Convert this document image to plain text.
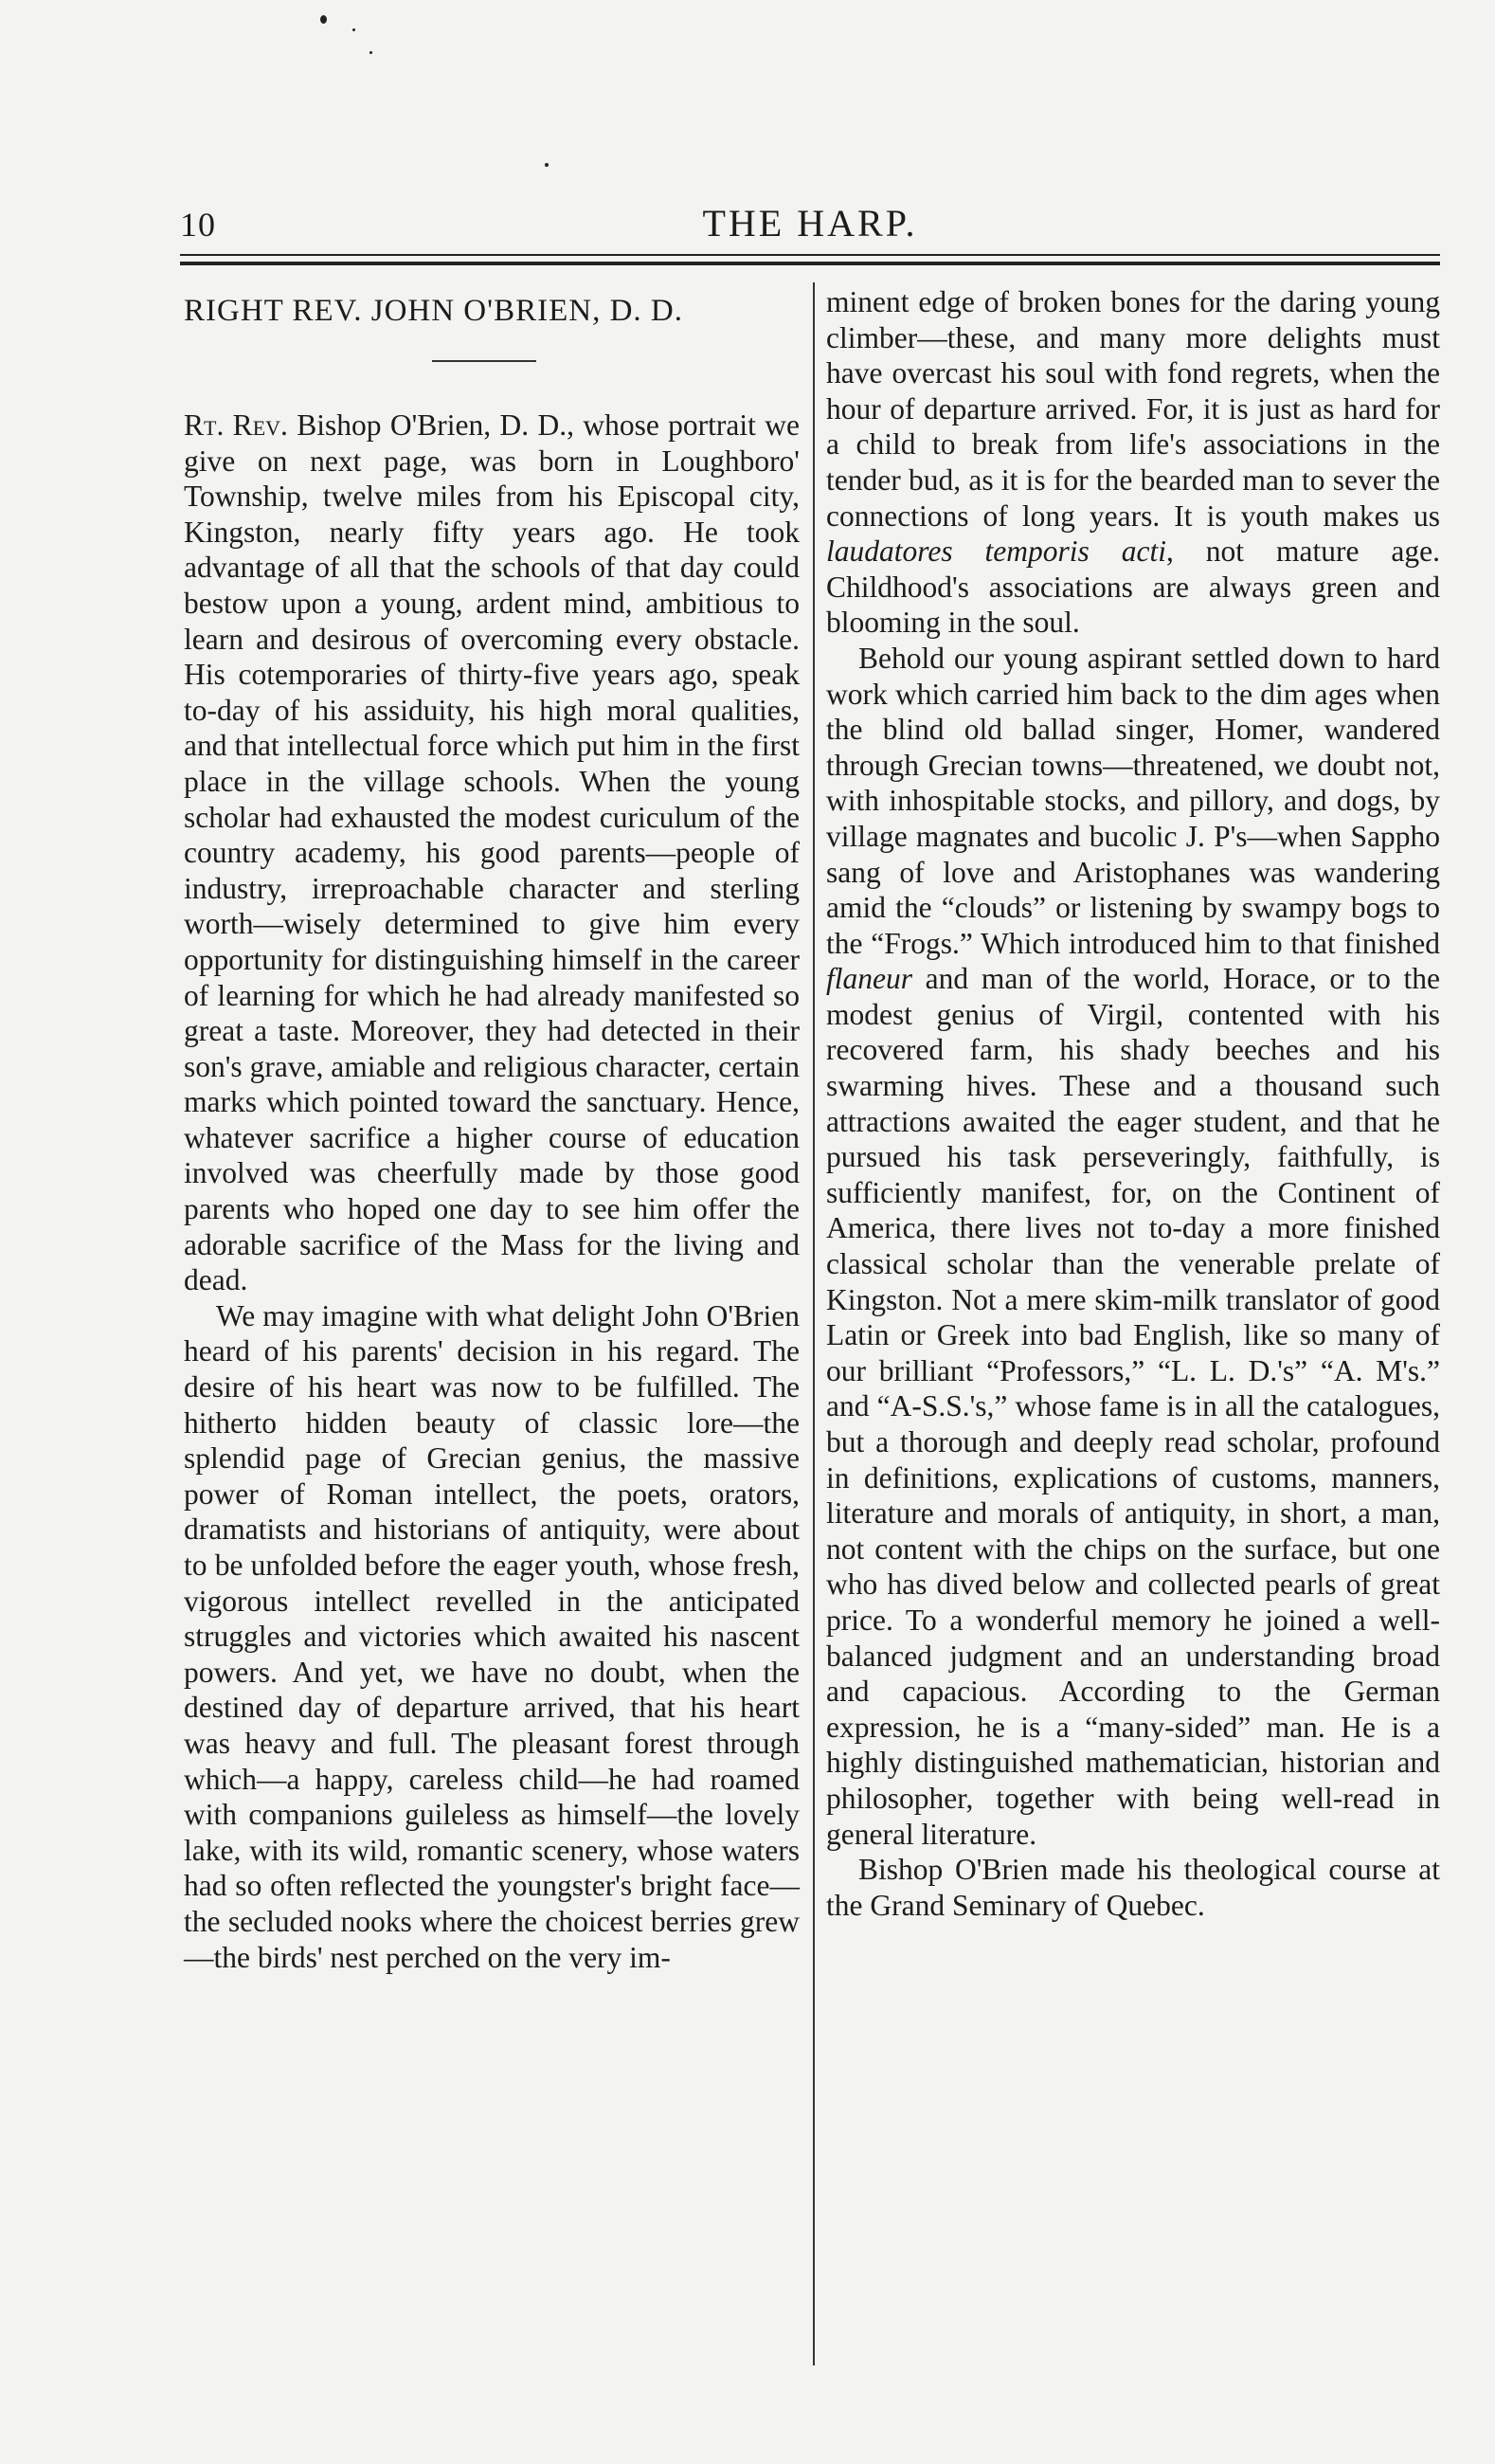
10	THE HARP.
RIGHT REV. JOHN O'BRIEN, D. D.

Rt. Rev. Bishop O'Brien, D. D., whose portrait we give on next page, was born in Loughboro' Township, twelve miles from his Episcopal city, Kingston, nearly fifty years ago. He took advantage of all that the schools of that day could bestow upon a young, ardent mind, ambitious to learn and desirous of overcoming every obstacle. His cotemporaries of thirty-five years ago, speak to-day of his assiduity, his high moral qualities, and that intellectual force which put him in the first place in the village schools. When the young scholar had exhausted the modest curiculum of the country academy, his good parents—people of industry, irreproachable character and sterling worth—wisely determined to give him every opportunity for distinguishing himself in the career of learning for which he had already manifested so great a taste. Moreover, they had detected in their son's grave, amiable and religious character, certain marks which pointed toward the sanctuary. Hence, whatever sacrifice a higher course of education involved was cheerfully made by those good parents who hoped one day to see him offer the adorable sacrifice of the Mass for the living and dead.

We may imagine with what delight John O'Brien heard of his parents' decision in his regard. The desire of his heart was now to be fulfilled. The hitherto hidden beauty of classic lore—the splendid page of Grecian genius, the massive power of Roman intellect, the poets, orators, dramatists and historians of antiquity, were about to be unfolded before the eager youth, whose fresh, vigorous intellect revelled in the anticipated struggles and victories which awaited his nascent powers. And yet, we have no doubt, when the destined day of departure arrived, that his heart was heavy and full. The pleasant forest through which—a happy, careless child—he had roamed with companions guileless as himself—the lovely lake, with its wild, romantic scenery, whose waters had so often reflected the youngster's bright face—the secluded nooks where the choicest berries grew—the birds' nest perched on the very im-

minent edge of broken bones for the daring young climber—these, and many more delights must have overcast his soul with fond regrets, when the hour of departure arrived. For, it is just as hard for a child to break from life's associations in the tender bud, as it is for the bearded man to sever the connections of long years. It is youth makes us laudatores temporis acti, not mature age. Childhood's associations are always green and blooming in the soul.

Behold our young aspirant settled down to hard work which carried him back to the dim ages when the blind old ballad singer, Homer, wandered through Grecian towns—threatened, we doubt not, with inhospitable stocks, and pillory, and dogs, by village magnates and bucolic J. P's—when Sappho sang of love and Aristophanes was wandering amid the “clouds” or listening by swampy bogs to the “Frogs.” Which introduced him to that finished flaneur and man of the world, Horace, or to the modest genius of Virgil, contented with his recovered farm, his shady beeches and his swarming hives. These and a thousand such attractions awaited the eager student, and that he pursued his task perseveringly, faithfully, is sufficiently manifest, for, on the Continent of America, there lives not to-day a more finished classical scholar than the venerable prelate of Kingston. Not a mere skim-milk translator of good Latin or Greek into bad English, like so many of our brilliant “Professors,” “L. L. D.'s” “A. M's.” and “A-S.S.'s,” whose fame is in all the catalogues, but a thorough and deeply read scholar, profound in definitions, explications of customs, manners, literature and morals of antiquity, in short, a man, not content with the chips on the surface, but one who has dived below and collected pearls of great price. To a wonderful memory he joined a well-balanced judgment and an understanding broad and capacious. According to the German expression, he is a “many-sided” man. He is a highly distinguished mathematician, historian and philosopher, together with being well-read in general literature.

Bishop O'Brien made his theological course at the Grand Seminary of Quebec.
